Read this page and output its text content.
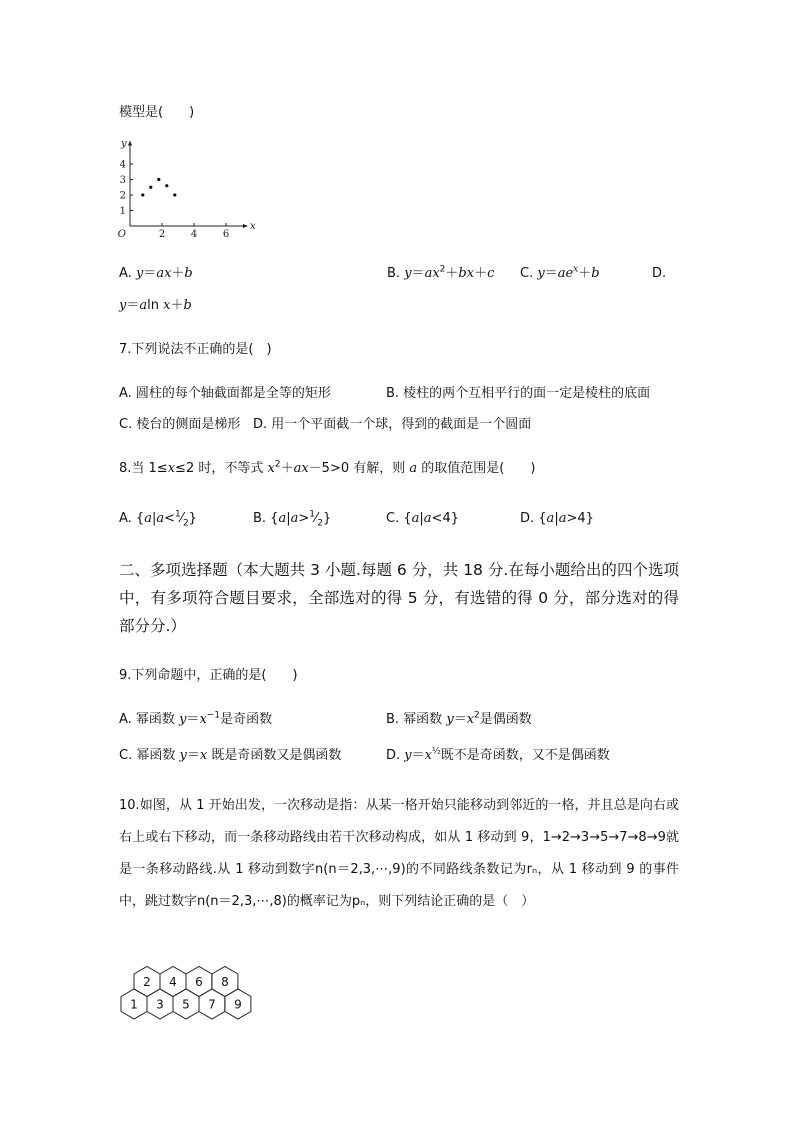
模型是(　　)
2	4	6
1
2
3
4
O
x
y
A. y＝ax＋b	B. $y=ax^2+bx+c$ C. $y=ae^x+b$	D.
y＝aln x＋b
7.下列说法不正确的是(　)
A. 圆柱的每个轴截面都是全等的矩形	B. 棱柱的两个互相平行的面一定是棱柱的底面
C. 棱台的侧面是梯形 D. 用一个平面截一个球，得到的截面是一个圆面
8.当 1≤x≤2 时，不等式 $x^2+ax-5>0$ 有解，则 a 的取值范围是(　　)
A. $\{a|a<^1⁄_2\}$	B. $\{a|a>^1⁄_2\}$	C. {a|a<4}	D. {a|a>4}
二、多项选择题（本大题共 3 小题.每题 6 分，共 18 分.在每小题给出的四个选项中，有多项符合题目要求，全部选对的得 5 分，有选错的得 0 分，部分选对的得部分分.）
9.下列命题中，正确的是(　　)
A. 幂函数 $y=x^{-1}$是奇函数	B. 幂函数 $y=x^2$是偶函数
C. 幂函数 y＝x 既是奇函数又是偶函数	D. $y=x^{\frac{1}{2}}$既不是奇函数，又不是偶函数
10.如图，从 1 开始出发，一次移动是指：从某一格开始只能移动到邻近的一格，并且总是向右或右上或右下移动，而一条移动路线由若干次移动构成，如从 1 移动到 9，1→2→3→5→7→8→9就是一条移动路线.从 1 移动到数字n(n＝2,3,⋯,9)的不同路线条数记为rₙ，从 1 移动到 9 的事件中，跳过数字n(n＝2,3,⋯,8)的概率记为pₙ，则下列结论正确的是（　）
1 3 5 7 9
2 4 6 8
